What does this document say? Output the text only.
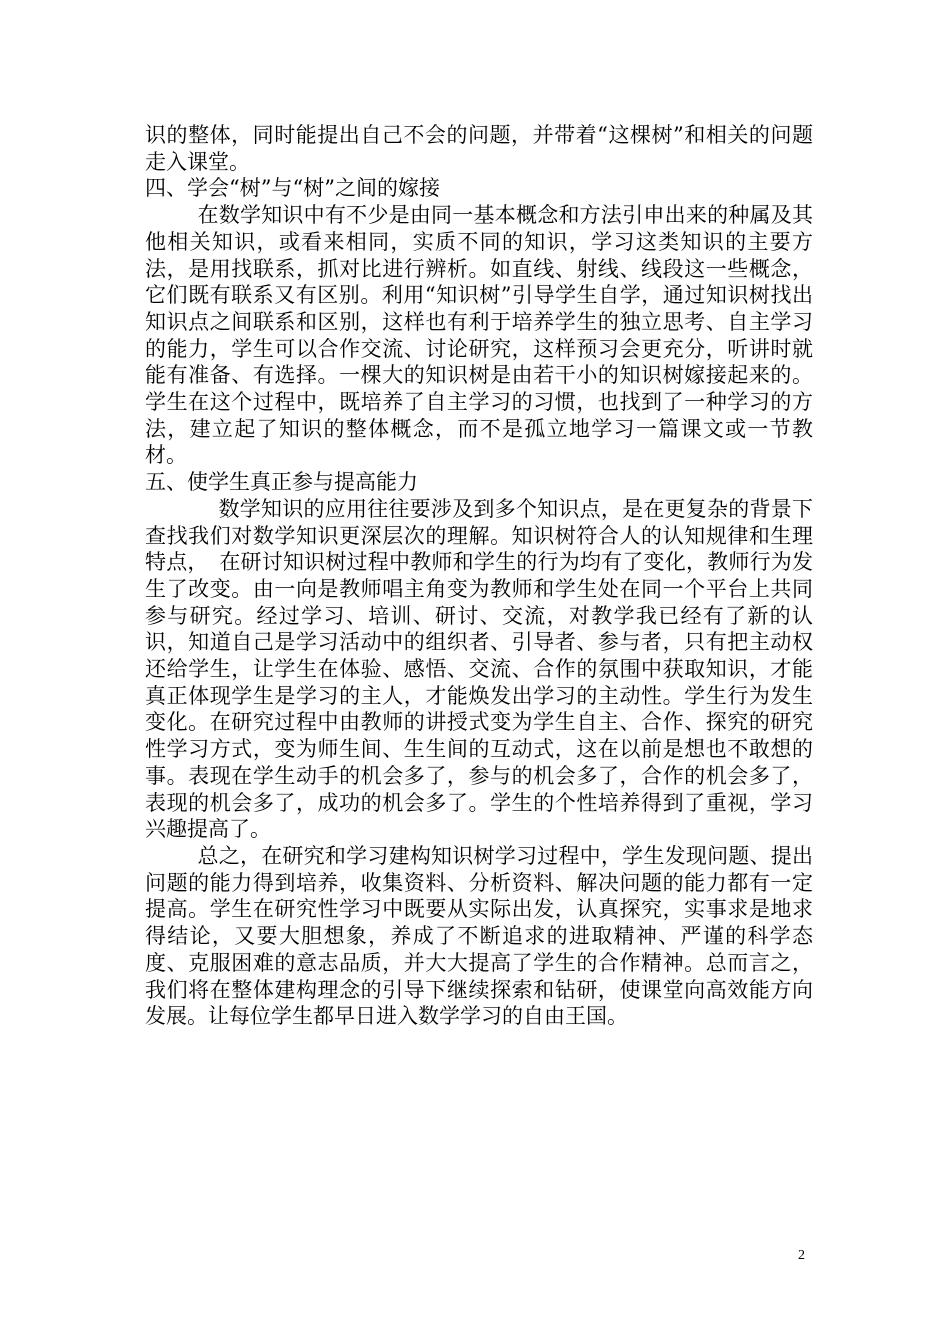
识的整体，同时能提出自己不会的问题，并带着“这棵树”和相关的问题走入课堂。

四、学会“树”与“树”之间的嫁接

在数学知识中有不少是由同一基本概念和方法引申出来的种属及其他相关知识，或看来相同，实质不同的知识，学习这类知识的主要方法，是用找联系，抓对比进行辨析。如直线、射线、线段这一些概念，它们既有联系又有区别。利用“知识树”引导学生自学，通过知识树找出知识点之间联系和区别，这样也有利于培养学生的独立思考、自主学习的能力，学生可以合作交流、讨论研究，这样预习会更充分，听讲时就能有准备、有选择。一棵大的知识树是由若干小的知识树嫁接起来的。学生在这个过程中，既培养了自主学习的习惯，也找到了一种学习的方法，建立起了知识的整体概念，而不是孤立地学习一篇课文或一节教材。

五、使学生真正参与提高能力

数学知识的应用往往要涉及到多个知识点，是在更复杂的背景下查找我们对数学知识更深层次的理解。知识树符合人的认知规律和生理特点，　在研讨知识树过程中教师和学生的行为均有了变化，教师行为发生了改变。由一向是教师唱主角变为教师和学生处在同一个平台上共同参与研究。经过学习、培训、研讨、交流，对教学我已经有了新的认识，知道自己是学习活动中的组织者、引导者、参与者，只有把主动权还给学生，让学生在体验、感悟、交流、合作的氛围中获取知识，才能真正体现学生是学习的主人，才能焕发出学习的主动性。学生行为发生变化。在研究过程中由教师的讲授式变为学生自主、合作、探究的研究性学习方式，变为师生间、生生间的互动式，这在以前是想也不敢想的事。表现在学生动手的机会多了，参与的机会多了，合作的机会多了，表现的机会多了，成功的机会多了。学生的个性培养得到了重视，学习兴趣提高了。

总之，在研究和学习建构知识树学习过程中，学生发现问题、提出问题的能力得到培养，收集资料、分析资料、解决问题的能力都有一定提高。学生在研究性学习中既要从实际出发，认真探究，实事求是地求得结论，又要大胆想象，养成了不断追求的进取精神、严谨的科学态度、克服困难的意志品质，并大大提高了学生的合作精神。总而言之，我们将在整体建构理念的引导下继续探索和钻研，使课堂向高效能方向发展。让每位学生都早日进入数学学习的自由王国。

2
